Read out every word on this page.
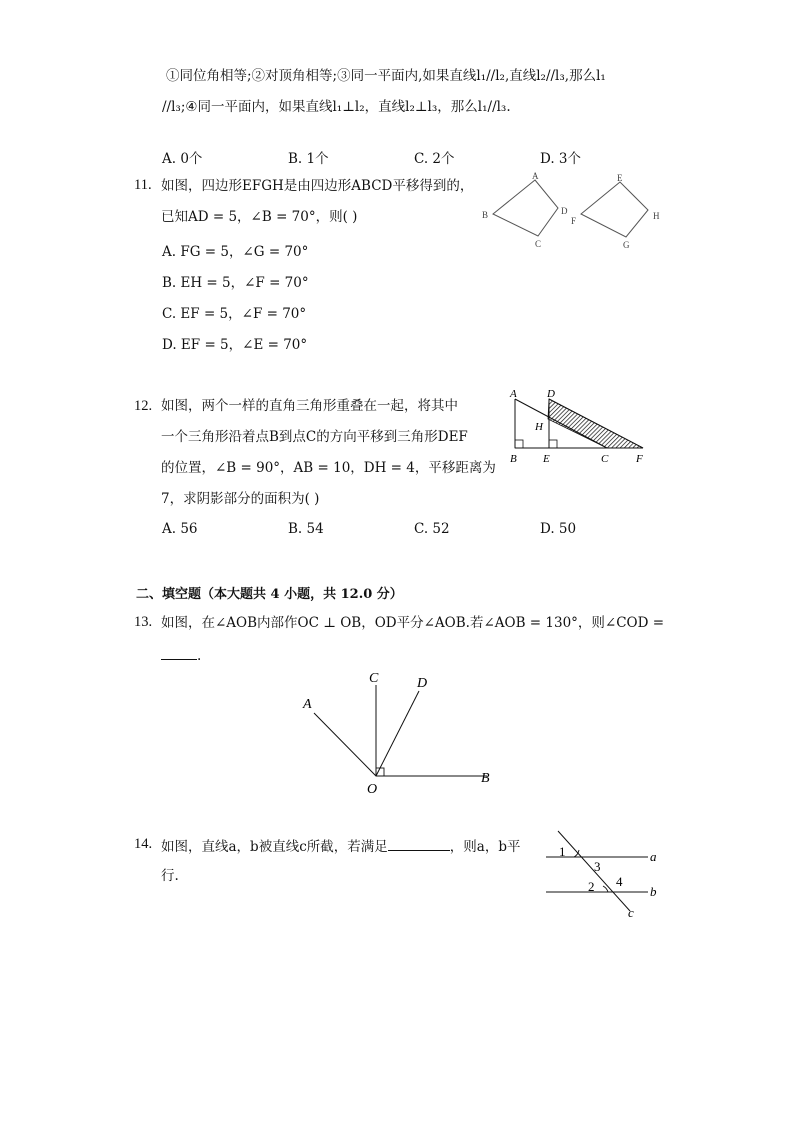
①同位角相等;②对顶角相等;③同一平面内,如果直线l₁//l₂,直线l₂//l₃,那么l₁
//l₃;④同一平面内，如果直线l₁⊥l₂，直线l₂⊥l₃，那么l₁//l₃.
A. 0个	B. 1个	C. 2个	D. 3个
11. 如图，四边形EFGH是由四边形ABCD平移得到的，
已知AD = 5，∠B = 70°，则( )
A. FG = 5，∠G = 70°
B. EH = 5，∠F = 70°
C. EF = 5，∠F = 70°
D. EF = 5，∠E = 70°
A
B
C
D
E
F
G
H
12. 如图，两个一样的直角三角形重叠在一起，将其中
一个三角形沿着点B到点C的方向平移到三角形DEF
的位置，∠B = 90°，AB = 10，DH = 4，平移距离为
7，求阴影部分的面积为( )
A. 56	B. 54	C. 52	D. 50
A	D
H
B E	C	F
二、填空题（本大题共 4 小题，共 12.0 分）
13. 如图，在∠AOB内部作OC ⊥ OB，OD平分∠AOB.若∠AOB = 130°，则∠COD =
.
A
C	D
O
B
14. 如图，直线a，b被直线c所截，若满足	，则a，b平
行.
1
3
a
2 4
b
c
